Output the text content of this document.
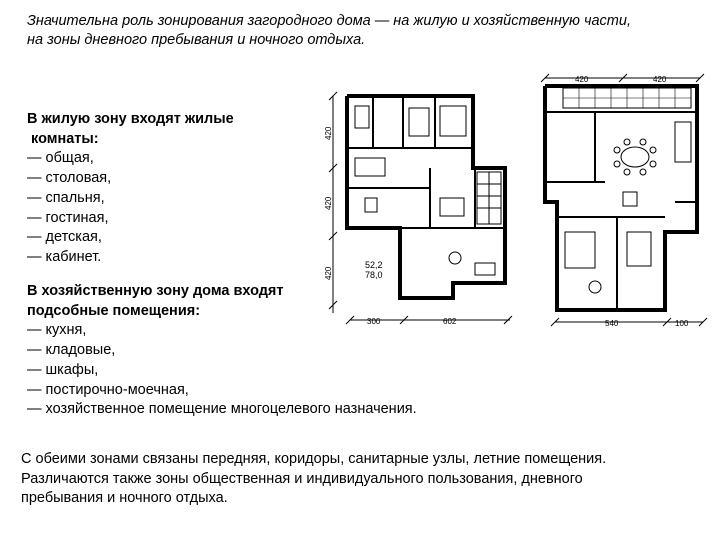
Значительна роль зонирования загородного дома — на жилую и хозяйственную части,
на зоны дневного пребывания и ночного отдыха.
В жилую зону входят жилые
комнаты:
— общая,
— столовая,
— спальня,
— гостиная,
— детская,
— кабинет.
В хозяйственную зону дома входят
подсобные помещения:
— кухня,
— кладовые,
— шкафы,
— постирочно-моечная,
— хозяйственное помещение многоцелевого назначения.
420
420
420
300	602
52,2
78,0
420	420
540	100
С обеими зонами связаны передняя, коридоры, санитарные узлы, летние помещения.
Различаются также зоны общественная и индивидуального пользования, дневного
пребывания и ночного отдыха.
